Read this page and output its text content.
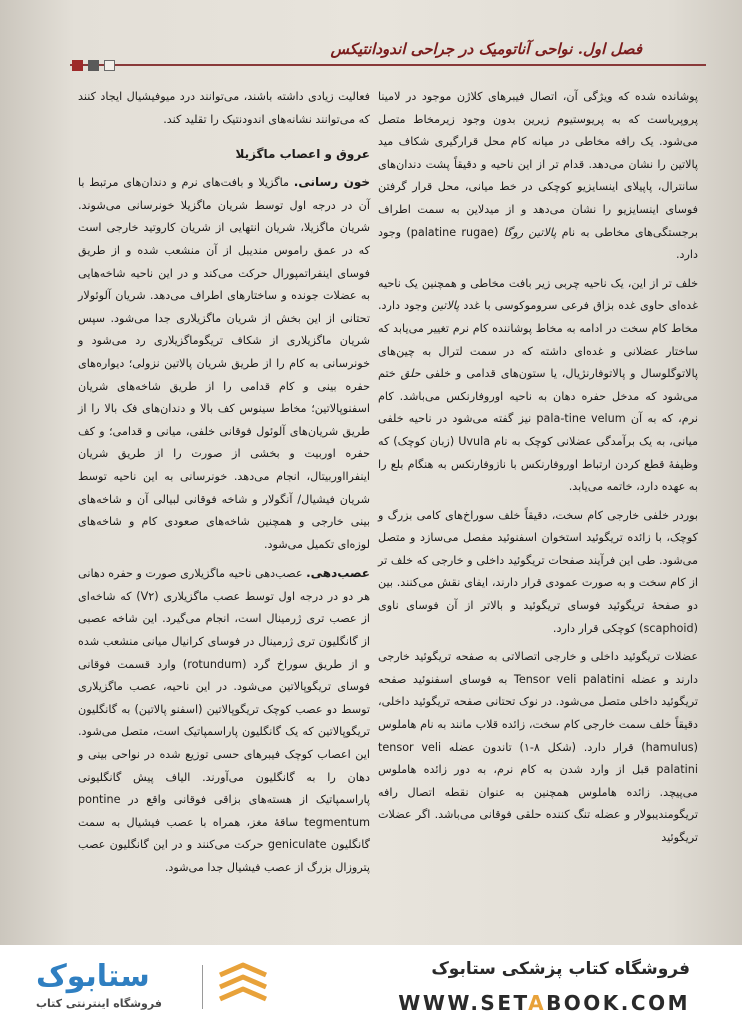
فصل اول. نواحی آناتومیک در جراحی اندودانتیکس

پوشانده شده که ویژگی آن، اتصال فیبرهای کلاژن موجود در لامینا پروپریاست که به پریوستیوم زیرین بدون وجود زیرمخاط متصل می‌شود. یک رافه مخاطی در میانه کام محل قرارگیری شکاف مید پالاتین را نشان می‌دهد. قدام تر از این ناحیه و دقیقاً پشت دندان‌های سانترال، پاپیلای اینسایزیو کوچکی در خط میانی، محل قرار گرفتن فوسای اینسایزیو را نشان می‌دهد و از میدلاین به سمت اطراف برجستگی‌های مخاطی به نام پالاتین روگا (palatine rugae) وجود دارد.

خلف تر از این، یک ناحیه چربی زیر بافت مخاطی و همچنین یک ناحیه غده‌ای حاوی غده بزاق فرعی سروموکوسی با غدد پالاتین وجود دارد. مخاط کام سخت در ادامه به مخاط پوشاننده کام نرم تغییر می‌یابد که ساختار عضلانی و غده‌ای داشته که در سمت لترال به چین‌های پالاتوگلوسال و پالاتوفارنژیال، یا ستون‌های قدامی و خلفی حلق ختم می‌شود که مدخل حفره دهان به ناحیه اوروفارنکس می‌باشد. کام نرم، که به آن pala-tine velum نیز گفته می‌شود در ناحیه خلفی میانی، به یک برآمدگی عضلانی کوچک به نام Uvula (زبان کوچک) که وظیفهٔ قطع کردن ارتباط اوروفارنکس با نازوفارنکس به هنگام بلع را به عهده دارد، خاتمه می‌یابد.

بوردر خلفی خارجی کام سخت، دقیقاً خلف سوراخ‌های کامی بزرگ و کوچک، با زائده تریگوئید استخوان اسفنوئید مفصل می‌سازد و متصل می‌شود. طی این فرآیند صفحات تریگوئید داخلی و خارجی که خلف تر از کام سخت و به صورت عمودی قرار دارند، ایفای نقش می‌کنند. بین دو صفحهٔ تریگوئید فوسای تریگوئید و بالاتر از آن فوسای ناوی (scaphoid) کوچکی قرار دارد.

عضلات تریگوئید داخلی و خارجی اتصالاتی به صفحه تریگوئید خارجی دارند و عضله Tensor veli palatini به فوسای اسفنوئید صفحه تریگوئید داخلی متصل می‌شود. در نوک تحتانی صفحه تریگوئید داخلی، دقیقاً خلف سمت خارجی کام سخت، زائده قلاب مانند به نام هاملوس (hamulus) قرار دارد. (شکل ۸-۱) تاندون عضله tensor veli palatini قبل از وارد شدن به کام نرم، به دور زائده هاملوس می‌پیچد. زائده هاملوس همچنین به عنوان نقطه اتصال رافه تریگومندیبولار و عضله تنگ کننده حلقی فوقانی می‌باشد. اگر عضلات تریگوئید

فعالیت زیادی داشته باشند، می‌توانند درد میوفیشیال ایجاد کنند که می‌توانند نشانه‌های اندودنتیک را تقلید کند.

عروق و اعصاب ماگزیلا

خون رسانی. ماگزیلا و بافت‌های نرم و دندان‌های مرتبط با آن در درجه اول توسط شریان ماگزیلا خونرسانی می‌شوند. شریان ماگزیلا، شریان انتهایی از شریان کاروتید خارجی است که در عمق راموس مندیبل از آن منشعب شده و از طریق فوسای اینفراتمپورال حرکت می‌کند و در این ناحیه شاخه‌هایی به عضلات جونده و ساختارهای اطراف می‌دهد. شریان آلوئولار تحتانی از این بخش از شریان ماگزیلاری جدا می‌شود. سپس شریان ماگزیلاری از شکاف تریگوماگزیلاری رد می‌شود و خونرسانی به کام را از طریق شریان پالاتین نزولی؛ دیواره‌های حفره بینی و کام قدامی را از طریق شاخه‌های شریان اسفنوپالاتین؛ مخاط سینوس کف بالا و دندان‌های فک بالا را از طریق شریان‌های آلوئول فوقانی خلفی، میانی و قدامی؛ و کف حفره اوربیت و بخشی از صورت را از طریق شریان اینفرااوربیتال، انجام می‌دهد. خونرسانی به این ناحیه توسط شریان فیشیال/ آنگولار و شاخه فوقانی لبیالی آن و شاخه‌های بینی خارجی و همچنین شاخه‌های صعودی کام و شاخه‌های لوزه‌ای تکمیل می‌شود.

عصب‌دهی. عصب‌دهی ناحیه ماگزیلاری صورت و حفره دهانی هر دو در درجه اول توسط عصب ماگزیلاری (V۲) که شاخه‌ای از عصب تری ژرمینال است، انجام می‌گیرد. این شاخه عصبی از گانگلیون تری ژرمینال در فوسای کرانیال میانی منشعب شده و از طریق سوراخ گرد (rotundum) وارد قسمت فوقانی فوسای تریگوپالاتین می‌شود. در این ناحیه، عصب ماگزیلاری توسط دو عصب کوچک تریگوپالاتین (اسفنو پالاتین) به گانگلیون تریگوپالاتین که یک گانگلیون پاراسمپاتیک است، متصل می‌شود. این اعصاب کوچک فیبرهای حسی توزیع شده در نواحی بینی و دهان را به گانگلیون می‌آورند. الیاف پیش گانگلیونی پاراسمپاتیک از هسته‌های بزاقی فوقانی واقع در pontine tegmentum ساقهٔ مغز، همراه با عصب فیشیال به سمت گانگلیون geniculate حرکت می‌کنند و در این گانگلیون عصب پتروزال بزرگ از عصب فیشیال جدا می‌شود.

فروشگاه کتاب پزشکی ستابوک
WWW.SETABOOK.COM
ستابوک
فروشگاه اینترنتی کتاب
